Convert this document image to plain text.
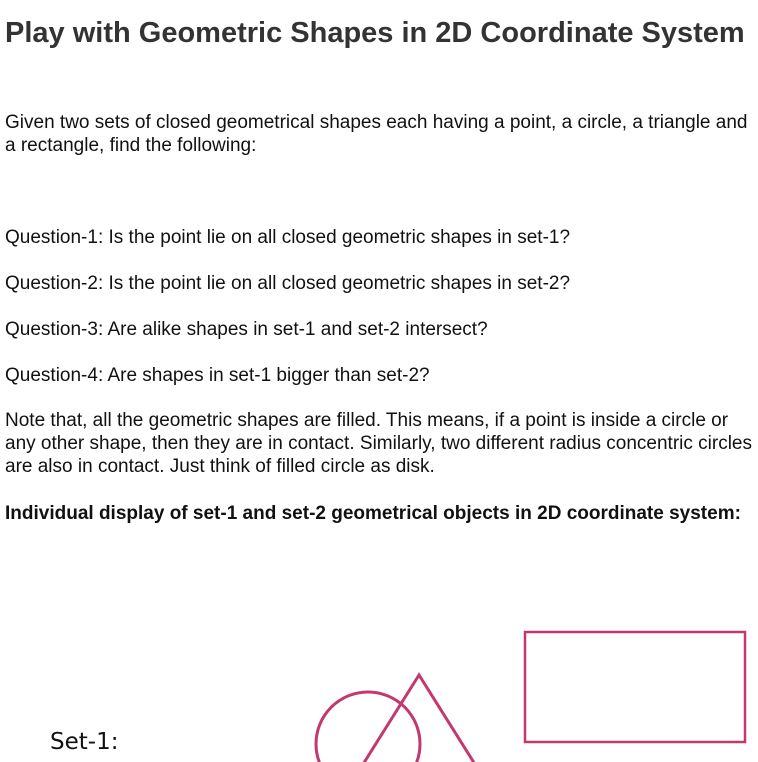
Play with Geometric Shapes in 2D Coordinate System

Given two sets of closed geometrical shapes each having a point, a circle, a triangle and a rectangle, find the following:

Question-1: Is the point lie on all closed geometric shapes in set-1?

Question-2: Is the point lie on all closed geometric shapes in set-2?

Question-3: Are alike shapes in set-1 and set-2 intersect?

Question-4: Are shapes in set-1 bigger than set-2?

Note that, all the geometric shapes are filled. This means, if a point is inside a circle or any other shape, then they are in contact. Similarly, two different radius concentric circles are also in contact. Just think of filled circle as disk.

Individual display of set-1 and set-2 geometrical objects in 2D coordinate system:

Set-1:
